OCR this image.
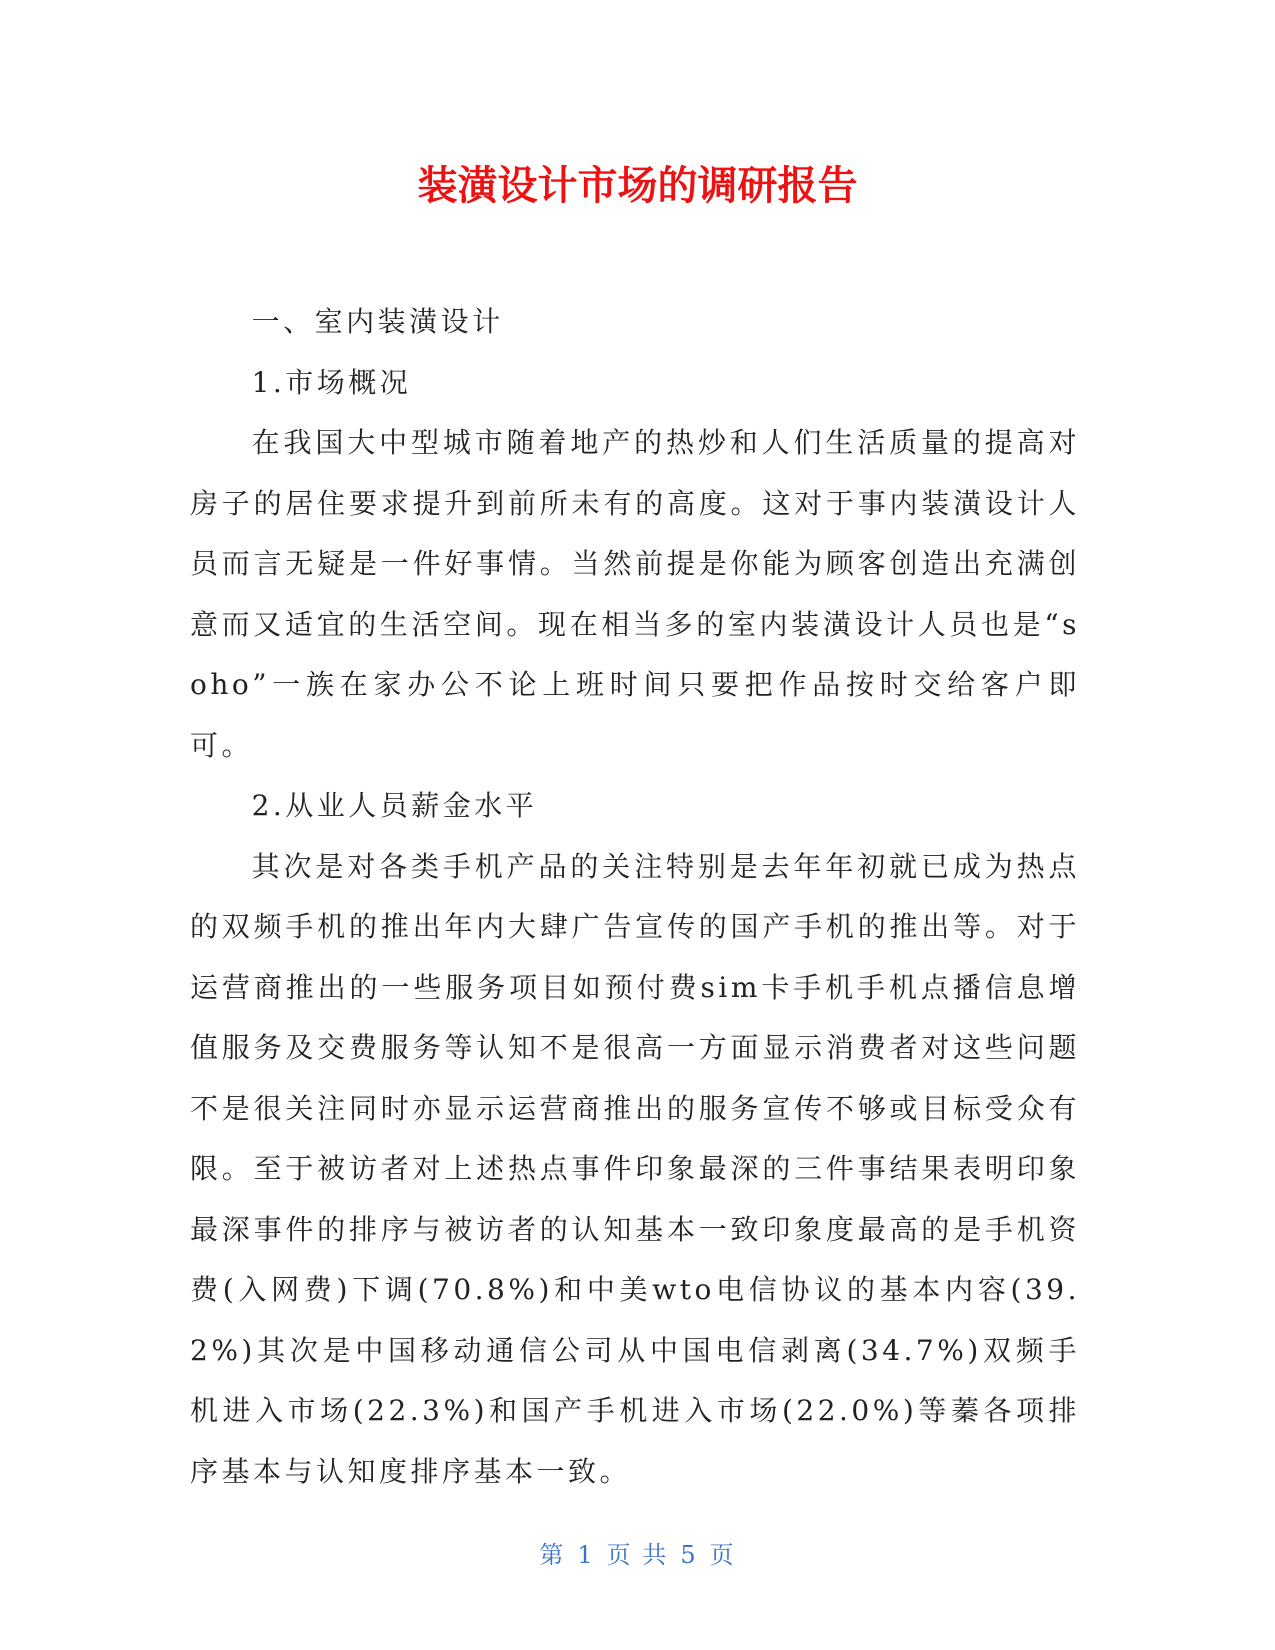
装潢设计市场的调研报告

一、室内装潢设计

1.市场概况

在我国大中型城市随着地产的热炒和人们生活质量的提高对房子的居住要求提升到前所未有的高度。这对于事内装潢设计人员而言无疑是一件好事情。当然前提是你能为顾客创造出充满创意而又适宜的生活空间。现在相当多的室内装潢设计人员也是“soho”一族在家办公不论上班时间只要把作品按时交给客户即可。

2.从业人员薪金水平

其次是对各类手机产品的关注特别是去年年初就已成为热点的双频手机的推出年内大肆广告宣传的国产手机的推出等。对于运营商推出的一些服务项目如预付费sim卡手机手机点播信息增值服务及交费服务等认知不是很高一方面显示消费者对这些问题不是很关注同时亦显示运营商推出的服务宣传不够或目标受众有限。至于被访者对上述热点事件印象最深的三件事结果表明印象最深事件的排序与被访者的认知基本一致印象度最高的是手机资费(入网费)下调(70.8%)和中美wto电信协议的基本内容(39.2%)其次是中国移动通信公司从中国电信剥离(34.7%)双频手机进入市场(22.3%)和国产手机进入市场(22.0%)等蓁各项排序基本与认知度排序基本一致。

第 1 页 共 5 页
